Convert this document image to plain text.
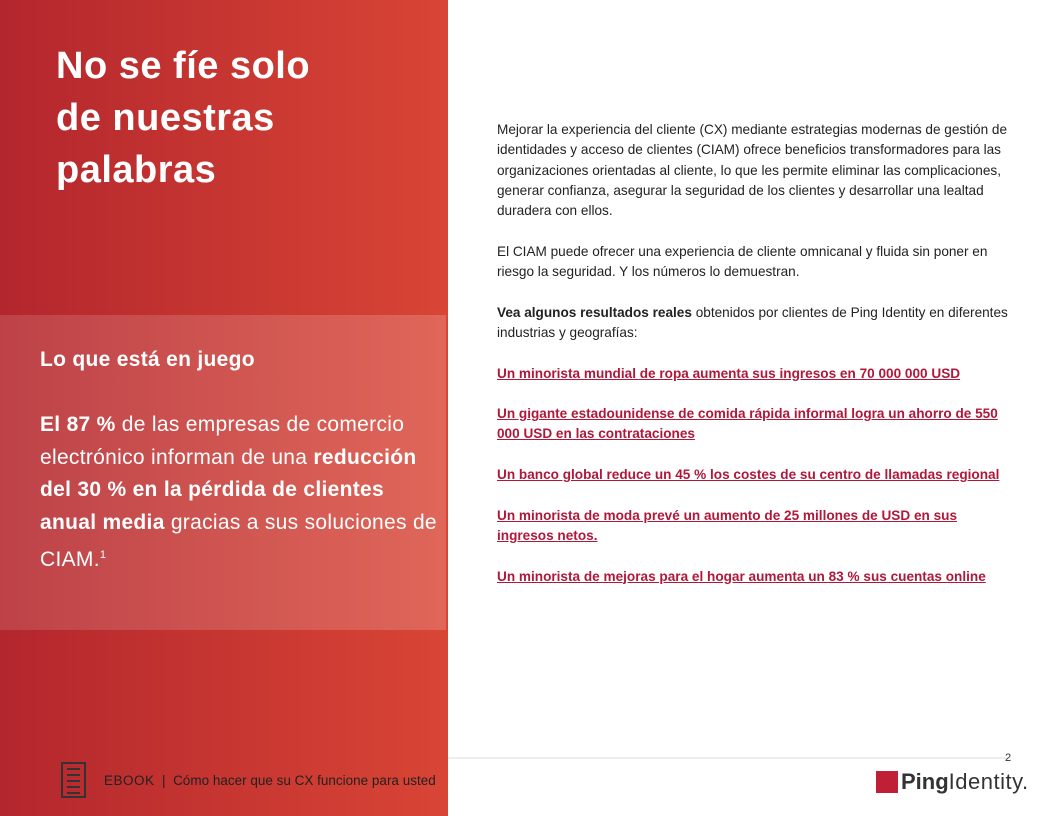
No se fíe solo
de nuestras
palabras
Lo que está en juego
El 87 % de las empresas de comercio electrónico informan de una reducción del 30 % en la pérdida de clientes anual media gracias a sus soluciones de CIAM.$^1$

Mejorar la experiencia del cliente (CX) mediante estrategias modernas de gestión de identidades y acceso de clientes (CIAM) ofrece beneficios transformadores para las organizaciones orientadas al cliente, lo que les permite eliminar las complicaciones, generar confianza, asegurar la seguridad de los clientes y desarrollar una lealtad duradera con ellos.

El CIAM puede ofrecer una experiencia de cliente omnicanal y fluida sin poner en riesgo la seguridad. Y los números lo demuestran.

Vea algunos resultados reales obtenidos por clientes de Ping Identity en diferentes industrias y geografías:

Un minorista mundial de ropa aumenta sus ingresos en 70 000 000 USD
Un gigante estadounidense de comida rápida informal logra un ahorro de 550 000 USD en las contrataciones
Un banco global reduce un 45 % los costes de su centro de llamadas regional
Un minorista de moda prevé un aumento de 25 millones de USD en sus ingresos netos.
Un minorista de mejoras para el hogar aumenta un 83 % sus cuentas online
2
EBOOK | Cómo hacer que su CX funcione para usted	Ping Identity.
